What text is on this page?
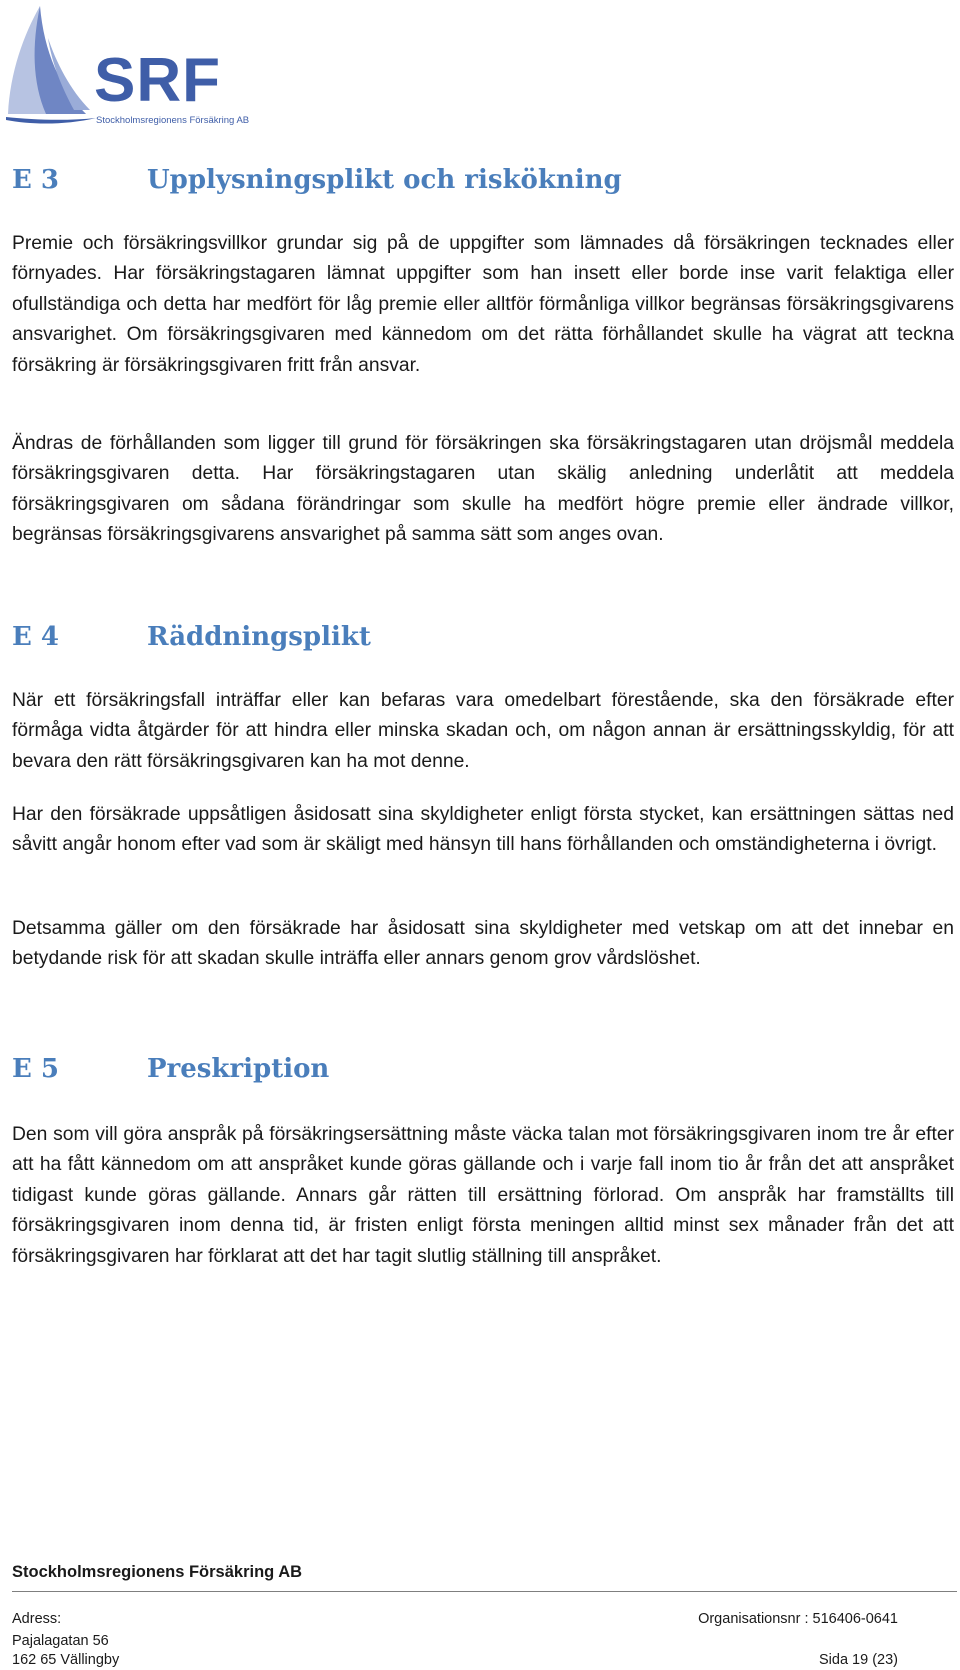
SRF
Stockholmsregionens Försäkring AB
E 3	Upplysningsplikt och riskökning

Premie och försäkringsvillkor grundar sig på de uppgifter som lämnades då försäkringen tecknades eller förnyades. Har försäkringstagaren lämnat uppgifter som han insett eller borde inse varit felaktiga eller ofullständiga och detta har medfört för låg premie eller alltför förmånliga villkor begränsas försäkringsgivarens ansvarighet. Om försäkringsgivaren med kännedom om det rätta förhållandet skulle ha vägrat att teckna försäkring är försäkringsgivaren fritt från ansvar.

Ändras de förhållanden som ligger till grund för försäkringen ska försäkringstagaren utan dröjsmål meddela försäkringsgivaren detta. Har försäkringstagaren utan skälig anledning underlåtit att meddela försäkringsgivaren om sådana förändringar som skulle ha medfört högre premie eller ändrade villkor, begränsas försäkringsgivarens ansvarighet på samma sätt som anges ovan.

E 4	Räddningsplikt

När ett försäkringsfall inträffar eller kan befaras vara omedelbart förestående, ska den försäkrade efter förmåga vidta åtgärder för att hindra eller minska skadan och, om någon annan är ersättningsskyldig, för att bevara den rätt försäkringsgivaren kan ha mot denne.

Har den försäkrade uppsåtligen åsidosatt sina skyldigheter enligt första stycket, kan ersättningen sättas ned såvitt angår honom efter vad som är skäligt med hänsyn till hans förhållanden och omständigheterna i övrigt.

Detsamma gäller om den försäkrade har åsidosatt sina skyldigheter med vetskap om att det innebar en betydande risk för att skadan skulle inträffa eller annars genom grov vårdslöshet.

E 5	Preskription

Den som vill göra anspråk på försäkringsersättning måste väcka talan mot försäkringsgivaren inom tre år efter att ha fått kännedom om att anspråket kunde göras gällande och i varje fall inom tio år från det att anspråket tidigast kunde göras gällande. Annars går rätten till ersättning förlorad. Om anspråk har framställts till försäkringsgivaren inom denna tid, är fristen enligt första meningen alltid minst sex månader från det att försäkringsgivaren har förklarat att det har tagit slutlig ställning till anspråket.

Stockholmsregionens Försäkring AB
Adress:
Pajalagatan 56
162 65 Vällingby
Organisationsnr : 516406-0641
Sida 19 (23)
